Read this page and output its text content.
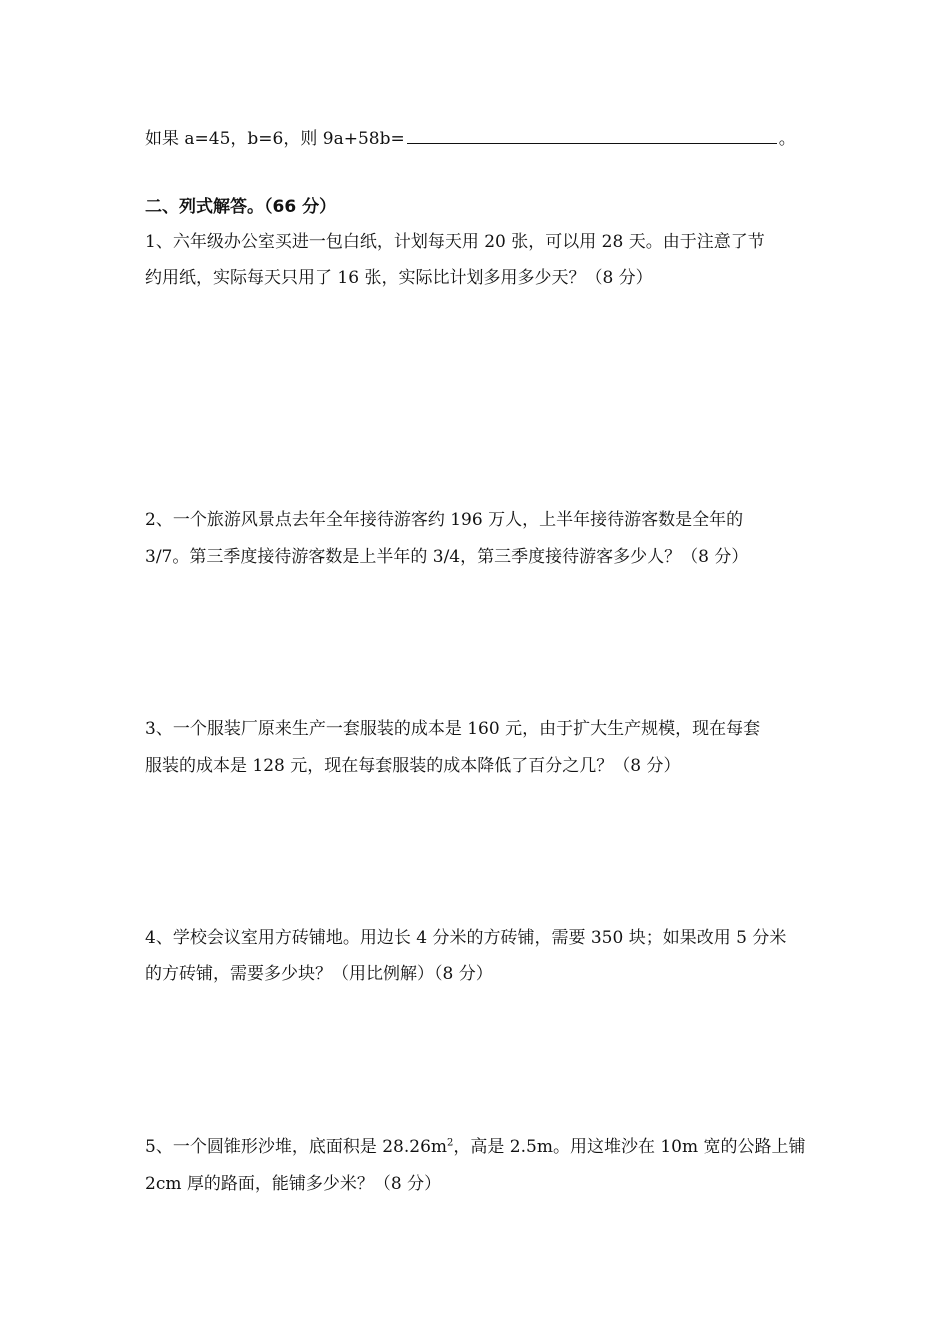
如果 a=45，b=6，则 9a+58b=	。
二、列式解答。（66 分）
1、六年级办公室买进一包白纸，计划每天用 20 张，可以用 28 天。由于注意了节
约用纸，实际每天只用了 16 张，实际比计划多用多少天？（8 分）
2、一个旅游风景点去年全年接待游客约 196 万人，上半年接待游客数是全年的
3/7。第三季度接待游客数是上半年的 3/4，第三季度接待游客多少人？（8 分）
3、一个服装厂原来生产一套服装的成本是 160 元，由于扩大生产规模，现在每套
服装的成本是 128 元，现在每套服装的成本降低了百分之几？（8 分）
4、学校会议室用方砖铺地。用边长 4 分米的方砖铺，需要 350 块；如果改用 5 分米
的方砖铺，需要多少块？（用比例解）（8 分）
5、一个圆锥形沙堆，底面积是 $28.26m^2$，高是 2.5m。用这堆沙在 10m 宽的公路上铺
2cm 厚的路面，能铺多少米？（8 分）
